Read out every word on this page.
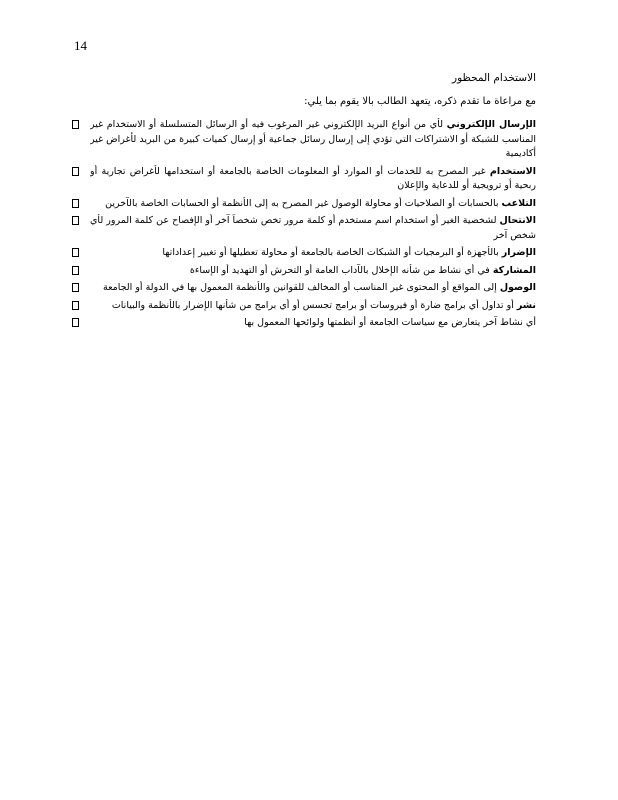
14
الاستخدام المحظور
مع مراعاة ما تقدم ذكره، يتعهد الطالب بألا يقوم بما يلي:
الإرسال الإلكتروني لأي من أنواع البريد الإلكتروني غير المرغوب فيه أو الرسائل المتسلسلة أو الاستخدام غير المناسب للشبكة أو الاشتراكات التي تؤدي إلى إرسال رسائل جماعية أو إرسال كميات كبيرة من البريد لأغراض غير أكاديمية
الاستخدام غير المصرح به للخدمات أو الموارد أو المعلومات الخاصة بالجامعة أو استخدامها لأغراض تجارية أو ربحية أو ترويجية أو للدعاية والإعلان
التلاعب بالحسابات أو الصلاحيات أو محاولة الوصول غير المصرح به إلى الأنظمة أو الحسابات الخاصة بالآخرين
الانتحال لشخصية الغير أو استخدام اسم مستخدم أو كلمة مرور تخص شخصاً آخر أو الإفصاح عن كلمة المرور لأي شخص آخر
الإضرار بالأجهزة أو البرمجيات أو الشبكات الخاصة بالجامعة أو محاولة تعطيلها أو تغيير إعداداتها
المشاركة في أي نشاط من شأنه الإخلال بالآداب العامة أو التحرش أو التهديد أو الإساءة
الوصول إلى المواقع أو المحتوى غير المناسب أو المخالف للقوانين والأنظمة المعمول بها في الدولة أو الجامعة
نشر أو تداول أي برامج ضارة أو فيروسات أو برامج تجسس أو أي برامج من شأنها الإضرار بالأنظمة والبيانات
أي نشاط آخر يتعارض مع سياسات الجامعة أو أنظمتها ولوائحها المعمول بها
